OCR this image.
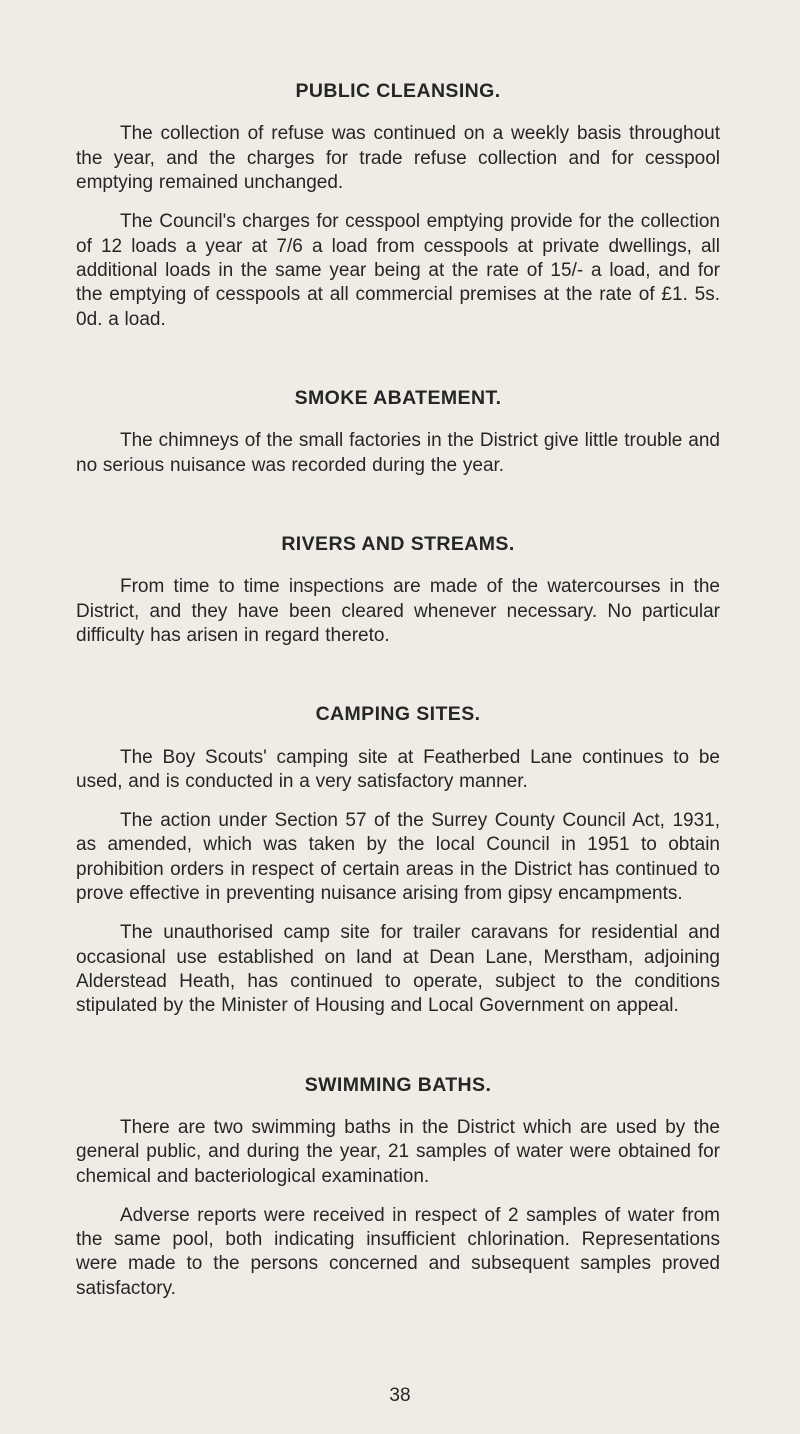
PUBLIC CLEANSING.

The collection of refuse was continued on a weekly basis throughout the year, and the charges for trade refuse collection and for cesspool emptying remained unchanged.

The Council's charges for cesspool emptying provide for the collection of 12 loads a year at 7/6 a load from cesspools at private dwellings, all additional loads in the same year being at the rate of 15/- a load, and for the emptying of cesspools at all commercial premises at the rate of £1. 5s. 0d. a load.

SMOKE ABATEMENT.

The chimneys of the small factories in the District give little trouble and no serious nuisance was recorded during the year.

RIVERS AND STREAMS.

From time to time inspections are made of the watercourses in the District, and they have been cleared whenever necessary. No particular difficulty has arisen in regard thereto.

CAMPING SITES.

The Boy Scouts' camping site at Featherbed Lane continues to be used, and is conducted in a very satisfactory manner.

The action under Section 57 of the Surrey County Council Act, 1931, as amended, which was taken by the local Council in 1951 to obtain prohibition orders in respect of certain areas in the District has continued to prove effective in preventing nuisance arising from gipsy encampments.

The unauthorised camp site for trailer caravans for residential and occasional use established on land at Dean Lane, Merstham, adjoining Alderstead Heath, has continued to operate, subject to the conditions stipulated by the Minister of Housing and Local Government on appeal.

SWIMMING BATHS.

There are two swimming baths in the District which are used by the general public, and during the year, 21 samples of water were obtained for chemical and bacteriological examination.

Adverse reports were received in respect of 2 samples of water from the same pool, both indicating insufficient chlorination. Representations were made to the persons concerned and subsequent samples proved satisfactory.

38
